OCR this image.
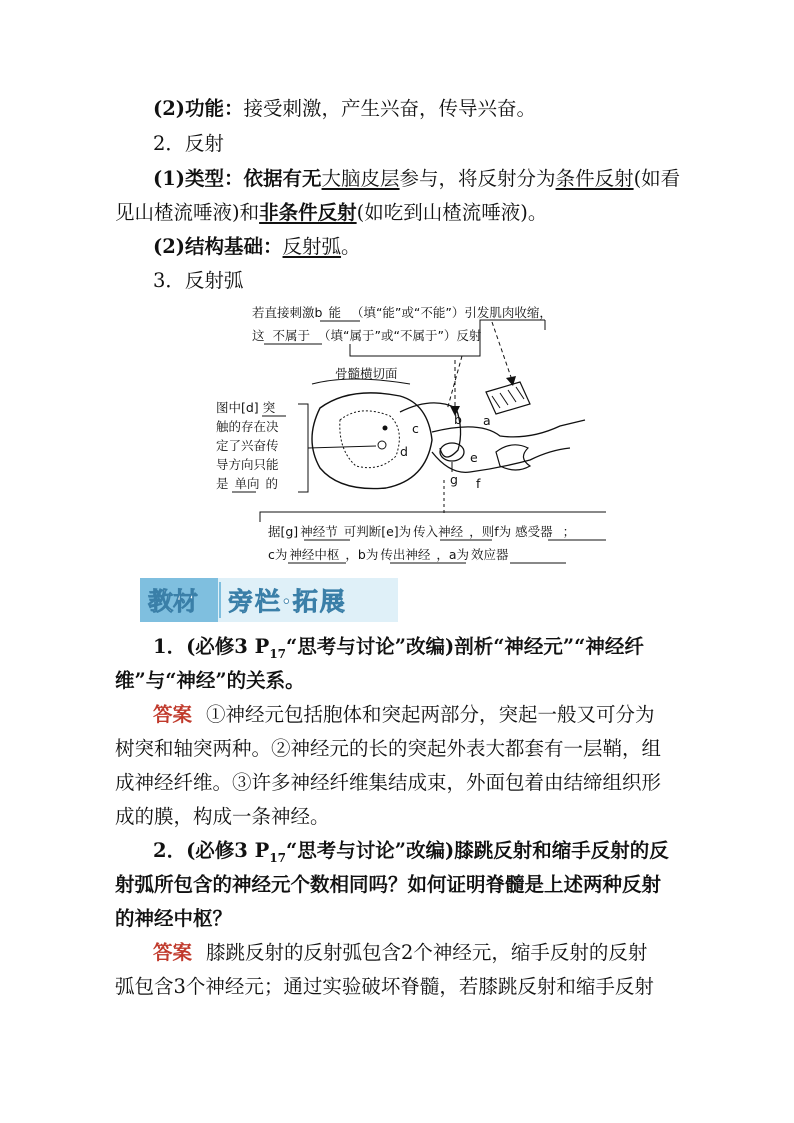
(2)功能：接受刺激，产生兴奋，传导兴奋。
2．反射
(1)类型：依据有无大脑皮层参与，将反射分为条件反射(如看
见山楂流唾液)和非条件反射(如吃到山楂流唾液)。
(2)结构基础：反射弧。
3．反射弧
若直接刺激b 能 （填“能”或“不能”）引发肌肉收缩，
这 不属于 （填“属于”或“不属于”）反射
骨髓横切面
c
d
b
g
e
a
f
图中[d] 突
触的存在决
定了兴奋传
导方向只能
是 单向 的
据[g] 神经节 可判断[e]为 传入神经 ，则f为 感受器 ；
c为 神经中枢 ，b为 传出神经 ，a为 效应器
教材 旁栏·拓展
1．(必修3 $P_{17}“$思考与讨论”改编)剖析“神经元”“神经纤
维”与“神经”的关系。
答案 ①神经元包括胞体和突起两部分，突起一般又可分为
树突和轴突两种。②神经元的长的突起外表大都套有一层鞘，组
成神经纤维。③许多神经纤维集结成束，外面包着由结缔组织形
成的膜，构成一条神经。
2．(必修3 $P_{17}“$思考与讨论”改编)膝跳反射和缩手反射的反
射弧所包含的神经元个数相同吗？如何证明脊髓是上述两种反射
的神经中枢？
答案 膝跳反射的反射弧包含2个神经元，缩手反射的反射
弧包含3个神经元；通过实验破坏脊髓，若膝跳反射和缩手反射
